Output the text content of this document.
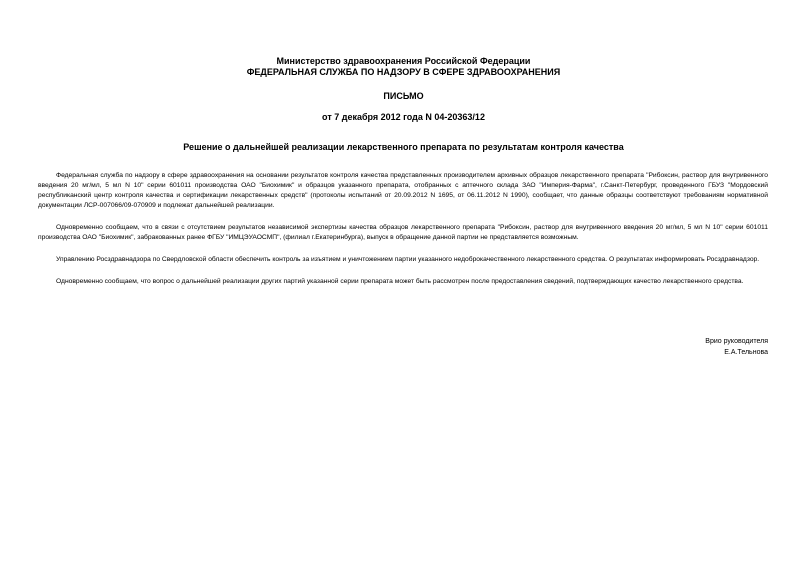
Министерство здравоохранения Российской Федерации
ФЕДЕРАЛЬНАЯ СЛУЖБА ПО НАДЗОРУ В СФЕРЕ ЗДРАВООХРАНЕНИЯ
ПИСЬМО
от 7 декабря 2012 года N 04-20363/12
Решение о дальнейшей реализации лекарственного препарата по результатам контроля качества

Федеральная служба по надзору в сфере здравоохранения на основании результатов контроля качества представленных производителем архивных образцов лекарственного препарата "Рибоксин, раствор для внутривенного введения 20 мг/мл, 5 мл N 10" серии 601011 производства ОАО "Биохимик" и образцов указанного препарата, отобранных с аптечного склада ЗАО "Империя-Фарма", г.Санкт-Петербург, проведенного ГБУЗ "Мордовский республиканский центр контроля качества и сертификации лекарственных средств" (протоколы испытаний от 20.09.2012 N 1695, от 06.11.2012 N 1990), сообщает, что данные образцы соответствуют требованиям нормативной документации ЛСР-007066/09-070909 и подлежат дальнейшей реализации.

Одновременно сообщаем, что в связи с отсутствием результатов независимой экспертизы качества образцов лекарственного препарата "Рибоксин, раствор для внутривенного введения 20 мг/мл, 5 мл N 10" серии 601011 производства ОАО "Биохимик", забракованных ранее ФГБУ "ИМЦЭУАОСМП", (филиал г.Екатеринбурга), выпуск в обращение данной партии не представляется возможным.

Управлению Росздравнадзора по Свердловской области обеспечить контроль за изъятием и уничтожением партии указанного недоброкачественного лекарственного средства. О результатах информировать Росздравнадзор.

Одновременно сообщаем, что вопрос о дальнейшей реализации других партий указанной серии препарата может быть рассмотрен после предоставления сведений, подтверждающих качество лекарственного средства.

Врио руководителя
Е.А.Тельнова
